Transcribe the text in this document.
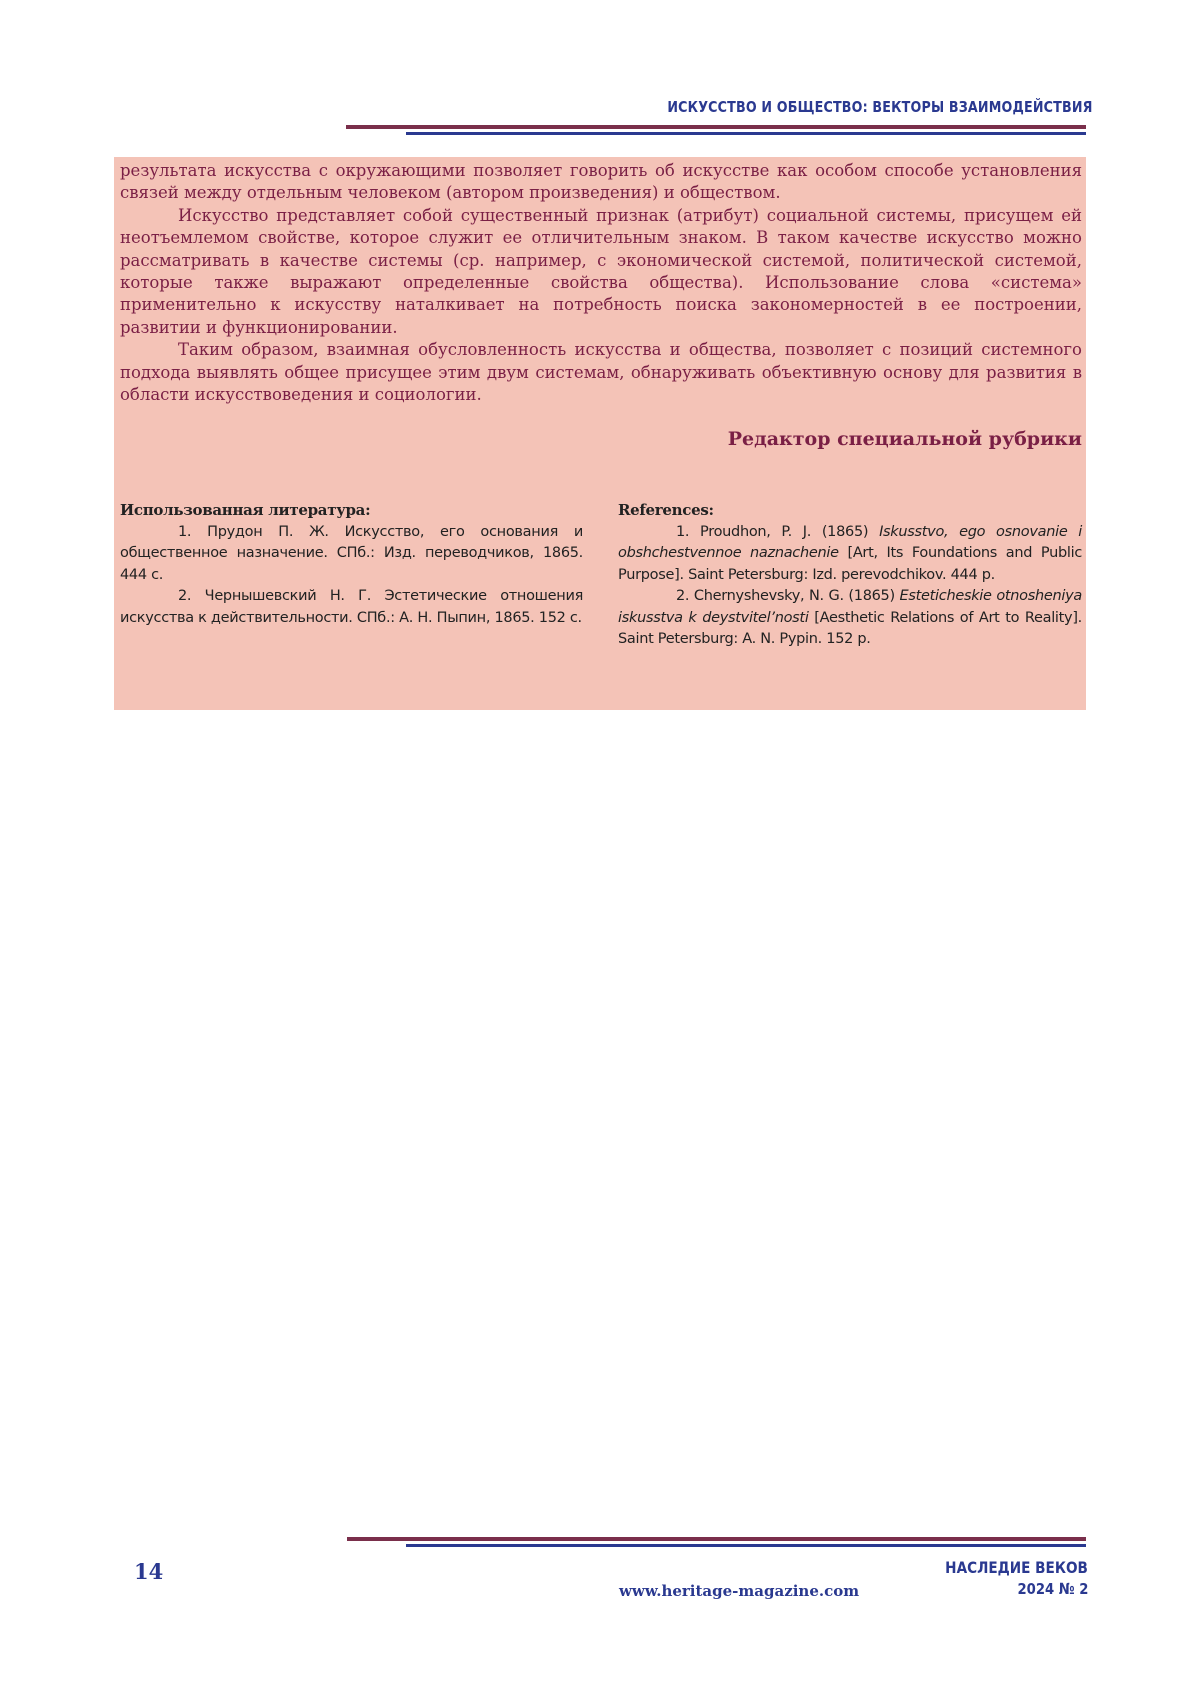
ИСКУССТВО И ОБЩЕСТВО: ВЕКТОРЫ ВЗАИМОДЕЙСТВИЯ

результата искусства с окружающими позволяет говорить об искусстве как особом способе установления связей между отдельным человеком (автором произведения) и обществом.

Искусство представляет собой существенный признак (атрибут) социальной системы, присущем ей неотъемлемом свойстве, которое служит ее отличительным знаком. В таком качестве искусство можно рассматривать в качестве системы (ср. например, с экономической системой, политической системой, которые также выражают определенные свойства общества). Использование слова «система» применительно к искусству наталкивает на потребность поиска закономерностей в ее построении, развитии и функционировании.

Таким образом, взаимная обусловленность искусства и общества, позволяет с позиций системного подхода выявлять общее присущее этим двум системам, обнаруживать объективную основу для развития в области искусствоведения и социологии.

Редактор специальной рубрики
Использованная литература:
1. Прудон П. Ж. Искусство, его основания и общественное назначение. СПб.: Изд. переводчиков, 1865. 444 с.
2. Чернышевский Н. Г. Эстетические отношения искусства к действительности. СПб.: А. Н. Пыпин, 1865. 152 с.
References:
1. Proudhon, P. J. (1865) Iskusstvo, ego osnovanie i obshchestvennoe naznachenie [Art, Its Foundations and Public Purpose]. Saint Petersburg: Izd. perevodchikov. 444 p.
2. Chernyshevsky, N. G. (1865) Esteticheskie otnosheniya iskusstva k deystvitel’nosti [Aesthetic Relations of Art to Reality]. Saint Petersburg: A. N. Pypin. 152 p.
14
www.heritage-magazine.com
НАСЛЕДИЕ ВЕКОВ
2024 № 2
